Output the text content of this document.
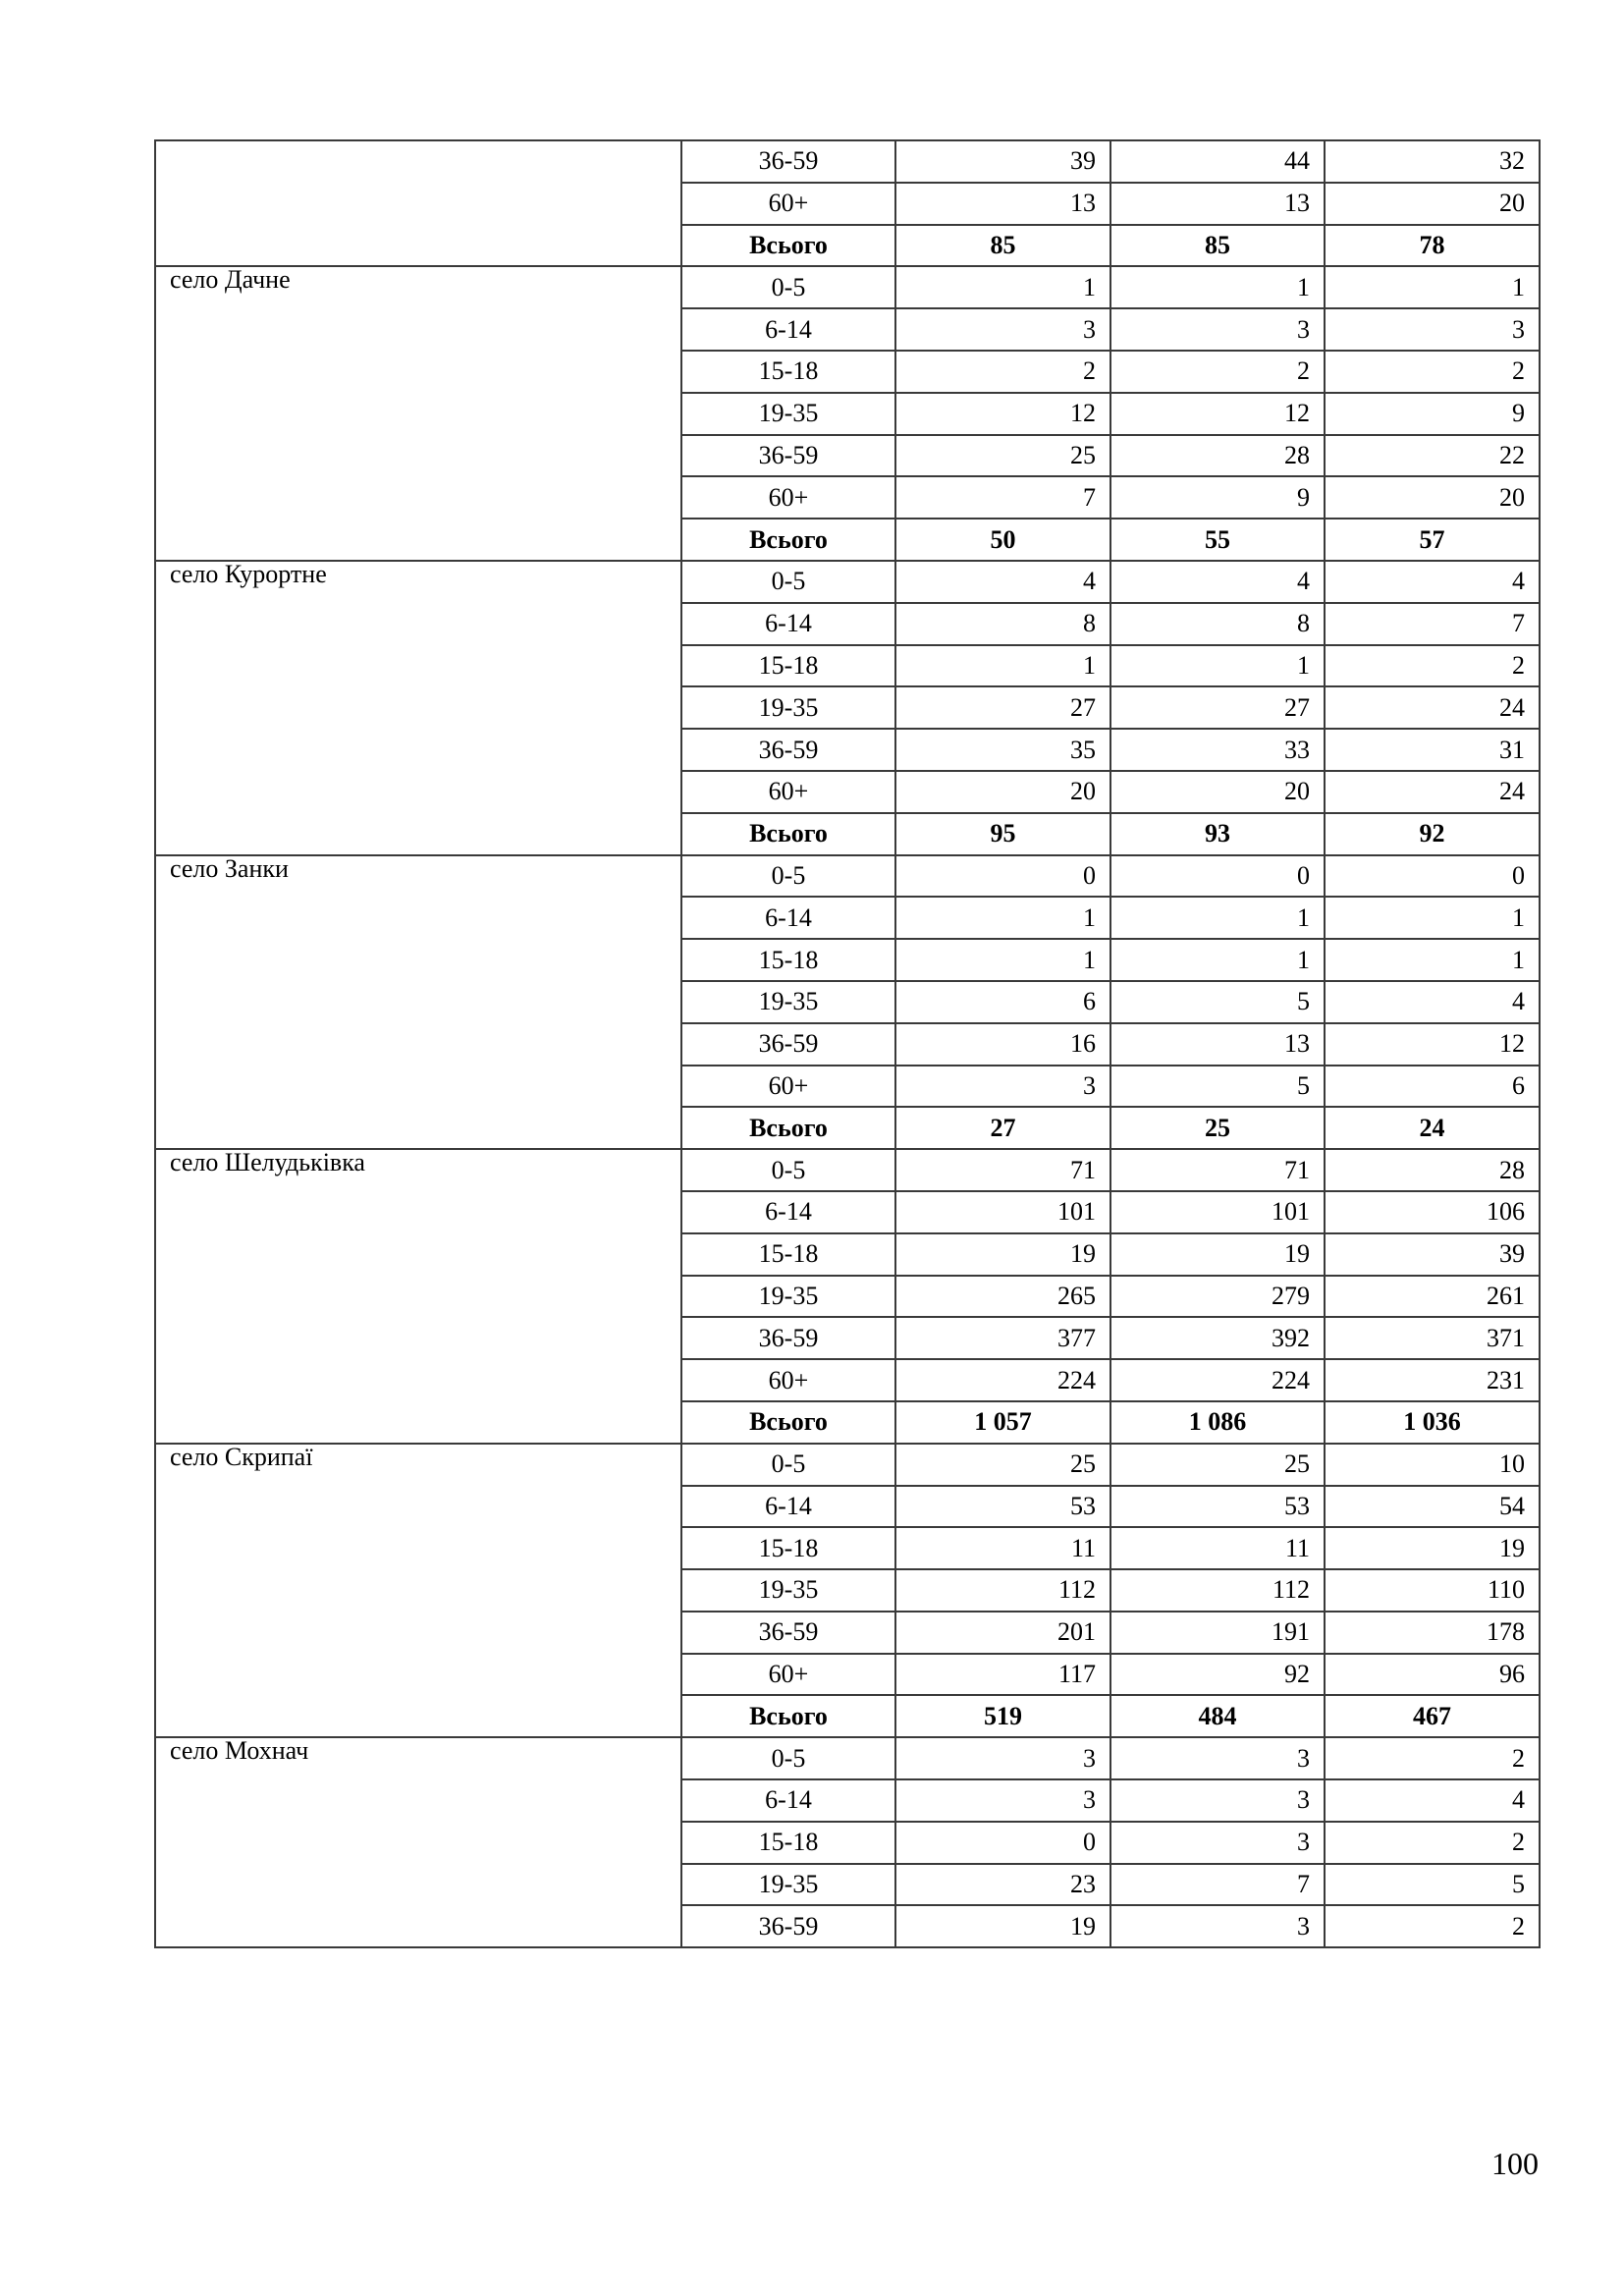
	36-59	39	44	32
	60+	13	13	20
	Всього	85	85	78
село Дачне	0-5	1	1	1
	6-14	3	3	3
	15-18	2	2	2
	19-35	12	12	9
	36-59	25	28	22
	60+	7	9	20
	Всього	50	55	57
село Курортне	0-5	4	4	4
	6-14	8	8	7
	15-18	1	1	2
	19-35	27	27	24
	36-59	35	33	31
	60+	20	20	24
	Всього	95	93	92
село Занки	0-5	0	0	0
	6-14	1	1	1
	15-18	1	1	1
	19-35	6	5	4
	36-59	16	13	12
	60+	3	5	6
	Всього	27	25	24
село Шелудьківка	0-5	71	71	28
	6-14	101	101	106
	15-18	19	19	39
	19-35	265	279	261
	36-59	377	392	371
	60+	224	224	231
	Всього	1 057	1 086	1 036
село Скрипаї	0-5	25	25	10
	6-14	53	53	54
	15-18	11	11	19
	19-35	112	112	110
	36-59	201	191	178
	60+	117	92	96
	Всього	519	484	467
село Мохнач	0-5	3	3	2
	6-14	3	3	4
	15-18	0	3	2
	19-35	23	7	5
	36-59	19	3	2
100
